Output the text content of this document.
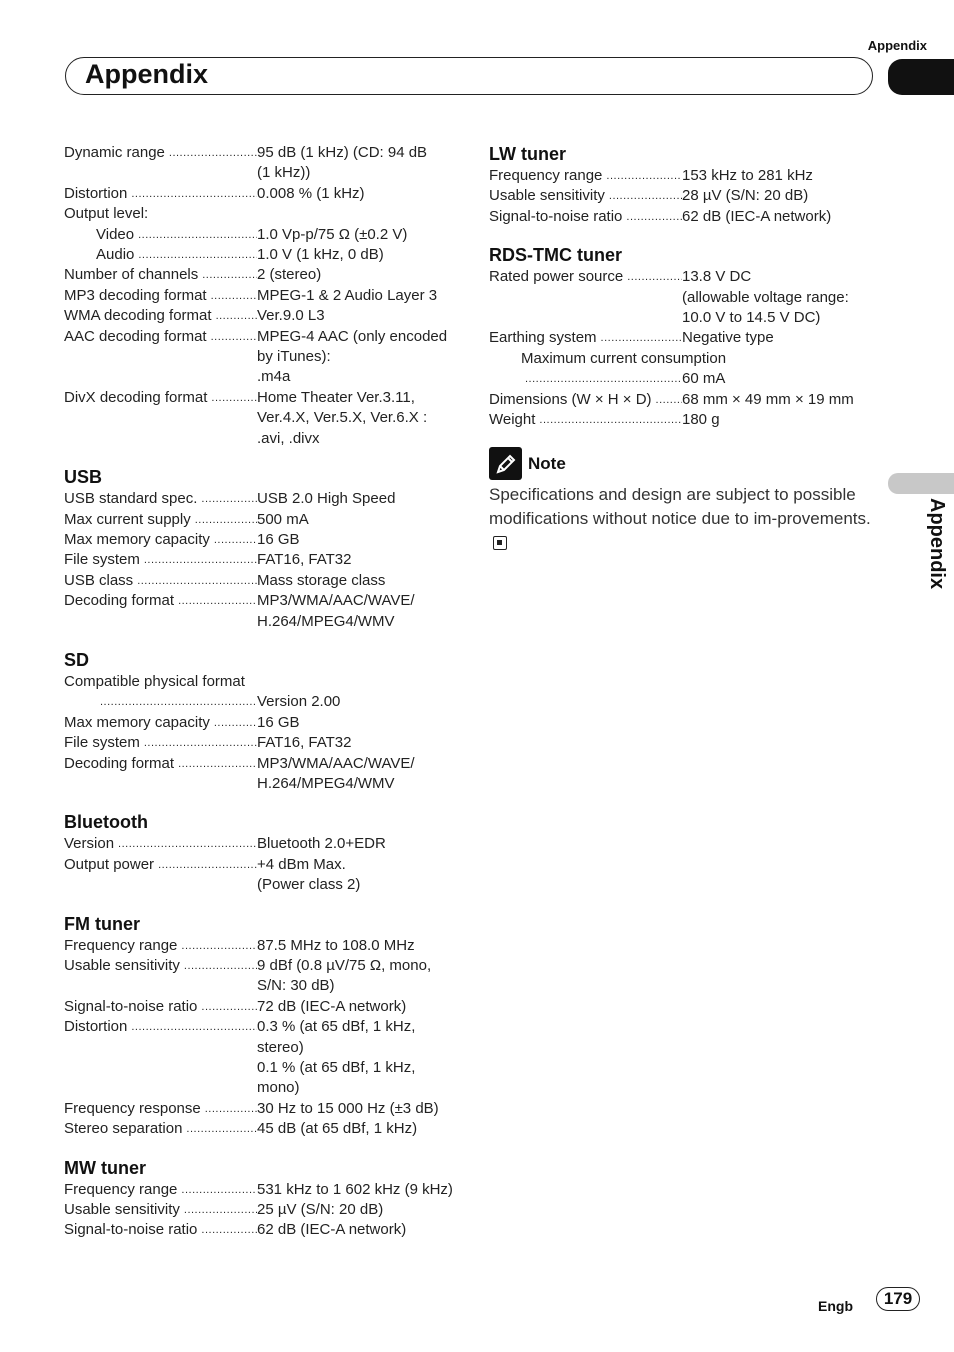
Appendix
Appendix
Appendix
Dynamic range .....	95 dB (1 kHz) (CD: 94 dB
(1 kHz))
Distortion .....	0.008 % (1 kHz)
Output level:
Video .....	1.0 Vp-p/75 Ω (±0.2 V)
Audio .....	1.0 V (1 kHz, 0 dB)
Number of channels .....	2 (stereo)
MP3 decoding format .....	MPEG-1 & 2 Audio Layer 3
WMA decoding format .....	Ver.9.0 L3
AAC decoding format .....	MPEG-4 AAC (only encoded
by iTunes):
.m4a
DivX decoding format .....	Home Theater Ver.3.11,
Ver.4.X, Ver.5.X, Ver.6.X :
.avi, .divx
USB
USB standard spec. .....	USB 2.0 High Speed
Max current supply .....	500 mA
Max memory capacity .....	16 GB
File system .....	FAT16, FAT32
USB class .....	Mass storage class
Decoding format .....	MP3/WMA/AAC/WAVE/
H.264/MPEG4/WMV
SD
Compatible physical format
.....
Version 2.00
Max memory capacity .....	16 GB
File system .....	FAT16, FAT32
Decoding format .....	MP3/WMA/AAC/WAVE/
H.264/MPEG4/WMV
Bluetooth
Version .....	Bluetooth 2.0+EDR
Output power .....	+4 dBm Max.
(Power class 2)
FM tuner
Frequency range .....	87.5 MHz to 108.0 MHz
Usable sensitivity .....	9 dBf (0.8 µV/75 Ω, mono,
S/N: 30 dB)
Signal-to-noise ratio .....	72 dB (IEC-A network)
Distortion .....	0.3 % (at 65 dBf, 1 kHz,
stereo)
0.1 % (at 65 dBf, 1 kHz,
mono)
Frequency response .....	30 Hz to 15 000 Hz (±3 dB)
Stereo separation .....	45 dB (at 65 dBf, 1 kHz)
MW tuner
Frequency range .....	531 kHz to 1 602 kHz (9 kHz)
Usable sensitivity .....	25 µV (S/N: 20 dB)
Signal-to-noise ratio .....	62 dB (IEC-A network)
LW tuner
Frequency range .....	153 kHz to 281 kHz
Usable sensitivity .....	28 µV (S/N: 20 dB)
Signal-to-noise ratio .....	62 dB (IEC-A network)
RDS-TMC tuner
Rated power source .....	13.8 V DC
(allowable voltage range:
10.0 V to 14.5 V DC)
Earthing system .....	Negative type
Maximum current consumption
.....
60 mA
Dimensions (W × H × D) ..... 68 mm × 49 mm × 19 mm
Weight .....	180 g
Note
Specifications and design are subject to possible modifications without notice due to im-provements.
Engb	179
